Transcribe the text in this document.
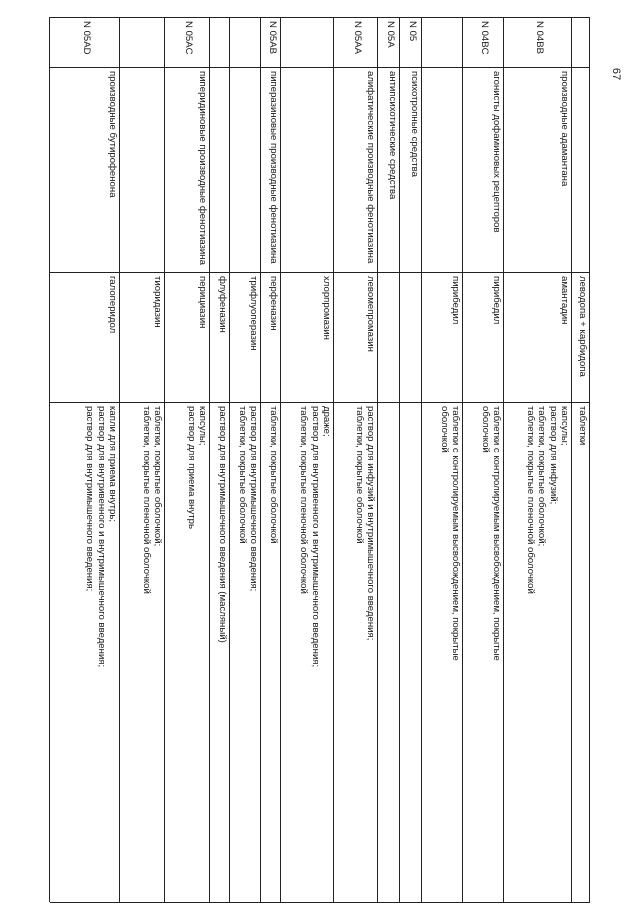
67
леводопа + карбидопа
таблетки
N 04BB
производные адамантана
амантадин
капсулы;
раствор для инфузий;
таблетки, покрытые оболочкой;
таблетки, покрытые пленочной оболочкой
N 04BC
агонисты дофаминовых рецепторов
пирибедил
таблетки с контролируемым высвобождением, покрытые
оболочкой
пирибедил
таблетки с контролируемым высвобождением, покрытые
оболочкой
N 05
психотропные средства
N 05A
антипсихотические средства
N 05AA
алифатические производные фенотиазина
левомепромазин
раствор для инфузий и внутримышечного введения;
таблетки, покрытые оболочкой
хлорпромазин
драже;
раствор для внутривенного и внутримышечного введения;
таблетки, покрытые пленочной оболочкой
N 05AB
пиперазиновые производные фенотиазина
перфеназин
таблетки, покрытые оболочкой
трифлуоперазин
раствор для внутримышечного введения;
таблетки, покрытые оболочкой
флуфеназин
раствор для внутримышечного введения (масляный)
N 05AC
пиперидиновые производные фенотиазина
перициазин
капсулы;
раствор для приема внутрь
тиоридазин
таблетки, покрытые оболочкой;
таблетки, покрытые пленочной оболочкой
N 05AD
производные бутирофенона
галоперидол
капли для приема внутрь;
раствор для внутривенного и внутримышечного введения;
раствор для внутримышечного введения;
